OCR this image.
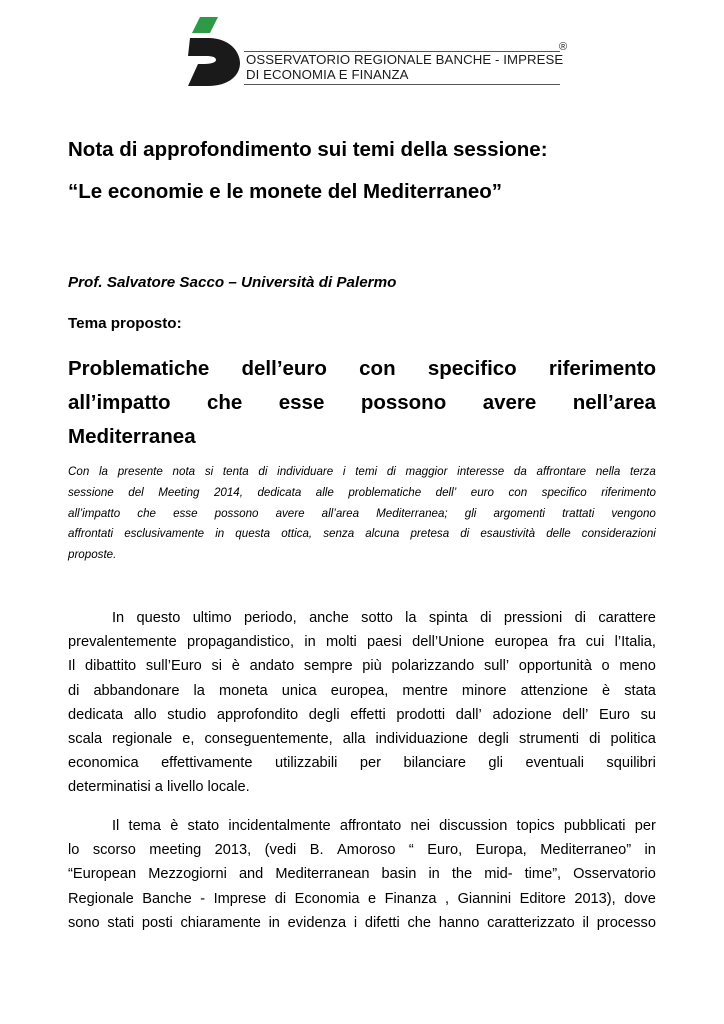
OSSERVATORIO REGIONALE BANCHE - IMPRESE
DI ECONOMIA E FINANZA
®
Nota di approfondimento sui temi della sessione:
“Le economie e le monete del Mediterraneo”
Prof. Salvatore Sacco – Università di Palermo
Tema proposto:
Problematiche dell’euro con specifico riferimento
all’impatto che esse possono avere nell’area
Mediterranea
Con la presente nota si tenta di individuare i temi di maggior interesse da affrontare nella terza
sessione del Meeting 2014, dedicata alle problematiche dell’ euro con specifico riferimento
all’impatto che esse possono avere all’area Mediterranea; gli argomenti trattati vengono
affrontati esclusivamente in questa ottica, senza alcuna pretesa di esaustività delle considerazioni
proposte.
In questo ultimo periodo, anche sotto la spinta di pressioni di carattere
prevalentemente propagandistico, in molti paesi dell’Unione europea fra cui l’Italia,
Il dibattito sull’Euro si è andato sempre più polarizzando sull’ opportunità o meno
di abbandonare la moneta unica europea, mentre minore attenzione è stata
dedicata allo studio approfondito degli effetti prodotti dall’ adozione dell’ Euro su
scala regionale e, conseguentemente, alla individuazione degli strumenti di politica
economica effettivamente utilizzabili per bilanciare gli eventuali squilibri
determinatisi a livello locale.
Il tema è stato incidentalmente affrontato nei discussion topics pubblicati per
lo scorso meeting 2013, (vedi B. Amoroso “ Euro, Europa, Mediterraneo” in
“European Mezzogiorni and Mediterranean basin in the mid- time”, Osservatorio
Regionale Banche - Imprese di Economia e Finanza , Giannini Editore 2013), dove
sono stati posti chiaramente in evidenza i difetti che hanno caratterizzato il processo
